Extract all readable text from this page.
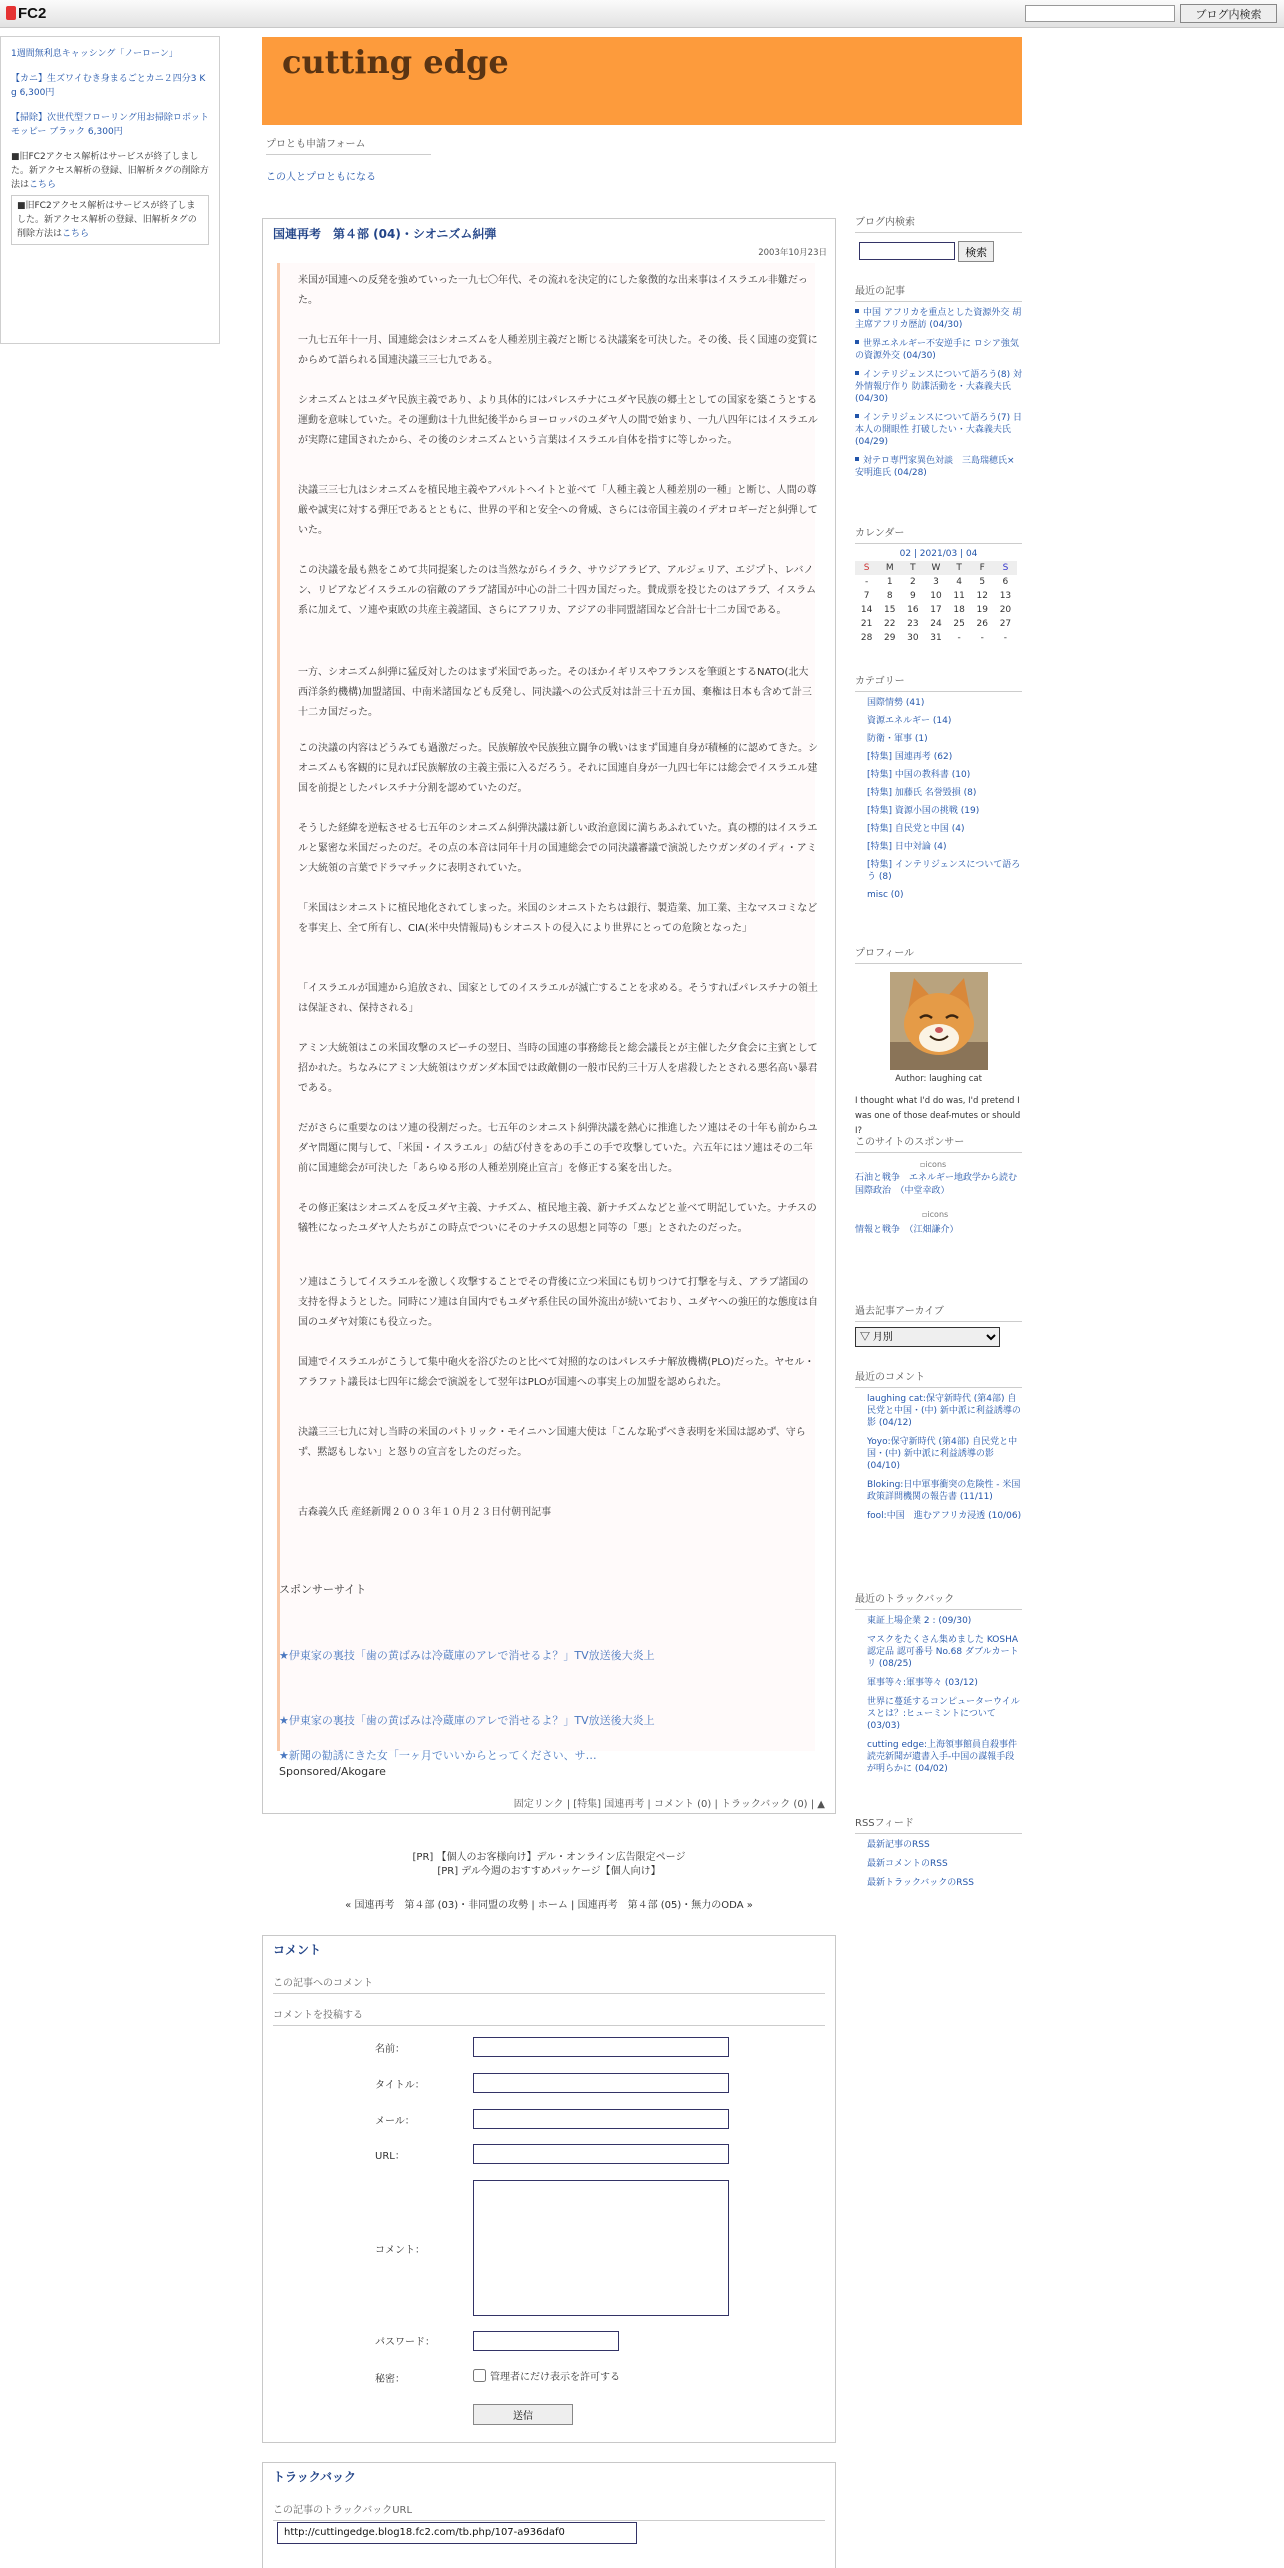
FC2	ブログ内検索

1週間無利息キャッシング「ノーローン」

【カニ】生ズワイむき身まるごとカニ２四分3 K g 6,300円

【掃除】次世代型フローリング用お掃除ロボット モッピー ブラック 6,300円

■旧FC2アクセス解析はサービスが終了しました。新アクセス解析の登録、旧解析タグの削除方法はこちら
■旧FC2アクセス解析はサービスが終了しました。新アクセス解析の登録、旧解析タグの削除方法はこちら
cutting edge
プロとも申請フォーム
この人とプロともになる
国連再考　第４部 (04)・シオニズム糾弾
2003年10月23日
米国が国連への反発を強めていった一九七〇年代、その流れを決定的にした象徴的な出来事はイスラエル非難だった。
一九七五年十一月、国連総会はシオニズムを人種差別主義だと断じる決議案を可決した。その後、長く国連の変質にからめて語られる国連決議三三七九である。
シオニズムとはユダヤ民族主義であり、より具体的にはパレスチナにユダヤ民族の郷土としての国家を築こうとする運動を意味していた。その運動は十九世紀後半からヨーロッパのユダヤ人の間で始まり、一九八四年にはイスラエルが実際に建国されたから、その後のシオニズムという言葉はイスラエル自体を指すに等しかった。
決議三三七九はシオニズムを植民地主義やアパルトヘイトと並べて「人種主義と人種差別の一種」と断じ、人間の尊厳や誠実に対する弾圧であるとともに、世界の平和と安全への脅威、さらには帝国主義のイデオロギーだと糾弾していた。
この決議を最も熱をこめて共同提案したのは当然ながらイラク、サウジアラビア、アルジェリア、エジプト、レバノン、リビアなどイスラエルの宿敵のアラブ諸国が中心の計二十四カ国だった。賛成票を投じたのはアラブ、イスラム系に加えて、ソ連や東欧の共産主義諸国、さらにアフリカ、アジアの非同盟諸国など合計七十二カ国である。
一方、シオニズム糾弾に猛反対したのはまず米国であった。そのほかイギリスやフランスを筆頭とするNATO(北大西洋条約機構)加盟諸国、中南米諸国なども反発し、同決議への公式反対は計三十五カ国、棄権は日本も含めて計三十二カ国だった。
この決議の内容はどうみても過激だった。民族解放や民族独立闘争の戦いはまず国連自身が積極的に認めてきた。シオニズムも客観的に見れば民族解放の主義主張に入るだろう。それに国連自身が一九四七年には総会でイスラエル建国を前提としたパレスチナ分割を認めていたのだ。
そうした経緯を逆転させる七五年のシオニズム糾弾決議は新しい政治意図に満ちあふれていた。真の標的はイスラエルと緊密な米国だったのだ。その点の本音は同年十月の国連総会での同決議審議で演説したウガンダのイディ・アミン大統領の言葉でドラマチックに表明されていた。
「米国はシオニストに植民地化されてしまった。米国のシオニストたちは銀行、製造業、加工業、主なマスコミなどを事実上、全て所有し、CIA(米中央情報局)もシオニストの侵入により世界にとっての危険となった」
「イスラエルが国連から追放され、国家としてのイスラエルが滅亡することを求める。そうすればパレスチナの領土は保証され、保持される」
アミン大統領はこの米国攻撃のスピーチの翌日、当時の国連の事務総長と総会議長とが主催した夕食会に主賓として招かれた。ちなみにアミン大統領はウガンダ本国では政敵側の一般市民約三十万人を虐殺したとされる悪名高い暴君である。
だがさらに重要なのはソ連の役割だった。七五年のシオニスト糾弾決議を熱心に推進したソ連はその十年も前からユダヤ問題に関与して、「米国・イスラエル」の結び付きをあの手この手で攻撃していた。六五年にはソ連はその二年前に国連総会が可決した「あらゆる形の人種差別廃止宣言」を修正する案を出した。
その修正案はシオニズムを反ユダヤ主義、ナチズム、植民地主義、新ナチズムなどと並べて明記していた。ナチスの犠牲になったユダヤ人たちがこの時点でついにそのナチスの思想と同等の「悪」とされたのだった。
ソ連はこうしてイスラエルを激しく攻撃することでその背後に立つ米国にも切りつけて打撃を与え、アラブ諸国の支持を得ようとした。同時にソ連は自国内でもユダヤ系住民の国外流出が続いており、ユダヤへの強圧的な態度は自国のユダヤ対策にも役立った。
国連でイスラエルがこうして集中砲火を浴びたのと比べて対照的なのはパレスチナ解放機構(PLO)だった。ヤセル・アラファト議長は七四年に総会で演説をして翌年はPLOが国連への事実上の加盟を認められた。
決議三三七九に対し当時の米国のパトリック・モイニハン国連大使は「こんな恥ずべき表明を米国は認めず、守らず、黙認もしない」と怒りの宣言をしたのだった。
古森義久氏 産経新聞２００３年１０月２３日付朝刊記事
スポンサーサイト
★伊東家の裏技「歯の黄ばみは冷蔵庫のアレで消せるよ？」TV放送後大炎上
★伊東家の裏技「歯の黄ばみは冷蔵庫のアレで消せるよ？」TV放送後大炎上
★新聞の勧誘にきた女「一ヶ月でいいからとってください、サ…
Sponsored/Akogare
固定リンク | [特集] 国連再考 | コメント (0) | トラックバック (0) | ▲
[PR] 【個人のお客様向け】デル・オンライン広告限定ページ
[PR] デル今週のおすすめパッケージ【個人向け】
« 国連再考　第４部 (03)・非同盟の攻勢 | ホーム | 国連再考　第４部 (05)・無力のODA »
コメント
この記事へのコメント
コメントを投稿する
名前：
タイトル：
メール：
URL：
コメント：
パスワード：
秘密：	管理者にだけ表示を許可する
送信
トラックバック
この記事のトラックバックURL
http://cuttingedge.blog18.fc2.com/tb.php/107-a936daf0
ブログ内検索
検索
最近の記事
中国 アフリカを重点とした資源外交 胡主席アフリカ歴訪 (04/30)
世界エネルギー不安逆手に ロシア強気の資源外交 (04/30)
インテリジェンスについて語ろう(8) 対外情報庁作り 防諜活動を・大森義夫氏 (04/30)
インテリジェンスについて語ろう(7) 日本人の開眼性 打破したい・大森義夫氏 (04/29)
対テロ専門家異色対談　三島瑞穂氏×安明進氏 (04/28)
カレンダー
02 | 2021/03 | 04
S	M	T	W	T	F	S
-	1	2	3	4	5	6
7	8	9	10	11	12	13
14	15	16	17	18	19	20
21	22	23	24	25	26	27
28	29	30	31	-	-	-
カテゴリー
国際情勢 (41)
資源エネルギー (14)
防衛・軍事 (1)
[特集] 国連再考 (62)
[特集] 中国の教科書 (10)
[特集] 加藤氏 名誉毀損 (8)
[特集] 資源小国の挑戦 (19)
[特集] 自民党と中国 (4)
[特集] 日中対論 (4)
[特集] インテリジェンスについて語ろう (8)
misc (0)
プロフィール
Author: laughing cat
I thought what I'd do was, I'd pretend I was one of those deaf-mutes or should I?
このサイトのスポンサー
▫icons
石油と戦争　エネルギー地政学から読む国際政治　（中堂幸政）
▫icons
情報と戦争　（江畑謙介）
過去記事アーカイブ
▽ 月別
最近のコメント
laughing cat:保守新時代 (第4部) 自民党と中国・(中) 新中派に利益誘導の影 (04/12)
Yoyo:保守新時代 (第4部) 自民党と中国・(中) 新中派に利益誘導の影 (04/10)
Bloking:日中軍事衝突の危険性 - 米国政策詳問機関の報告書 (11/11)
fool:中国　進むアフリカ浸透 (10/06)
最近のトラックバック
東証上場企業 2 : (09/30)
マスクをたくさん集めました KOSHA認定品 認可番号 No.68 ダブルカートリ (08/25)
軍事等々:軍事等々 (03/12)
世界に蔓延するコンピューターウイルスとは？:ヒューミントについて (03/03)
cutting edge:上海領事館員自殺事件　読売新聞が遺書入手-中国の謀報手段が明らかに (04/02)
RSSフィード
最新記事のRSS
最新コメントのRSS
最新トラックバックのRSS
